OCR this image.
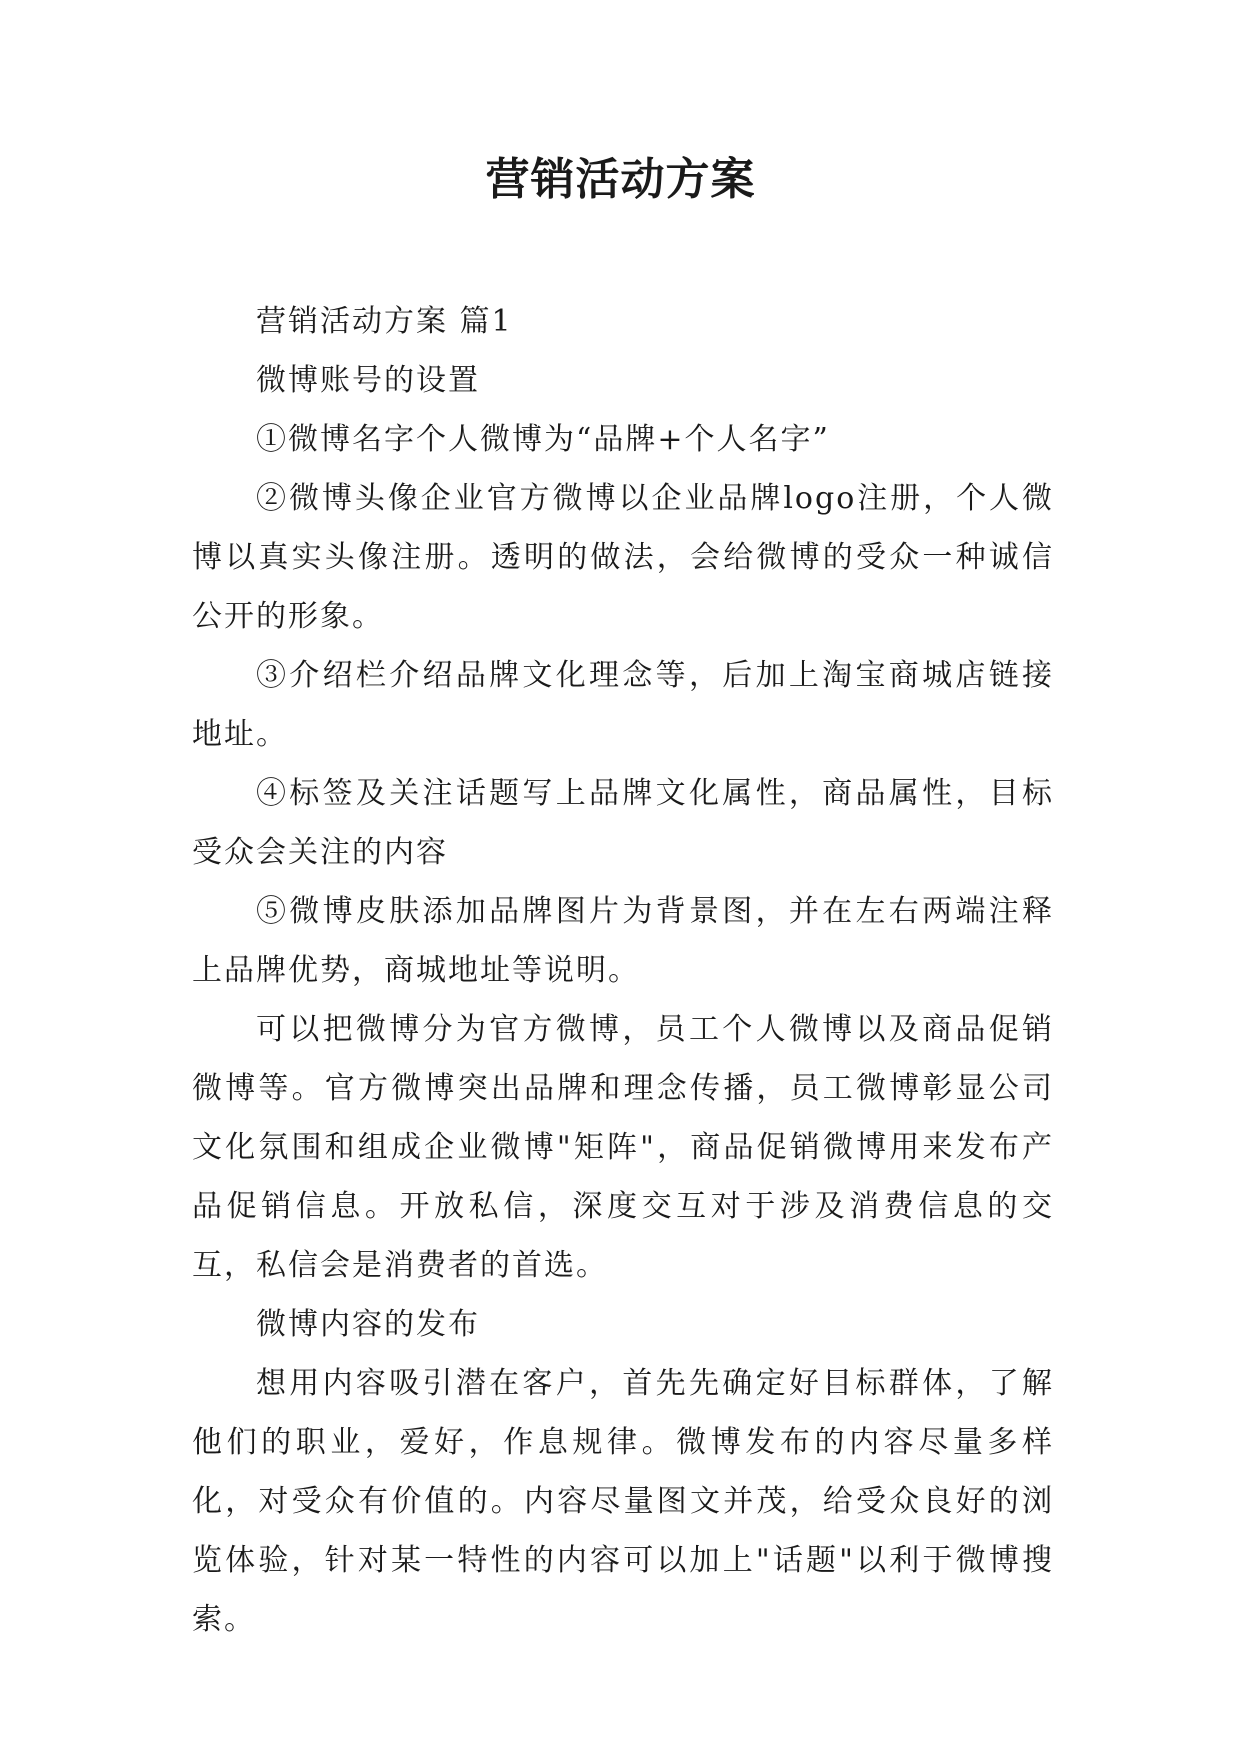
营销活动方案

营销活动方案 篇1

微博账号的设置

①微博名字个人微博为“品牌+个人名字”

②微博头像企业官方微博以企业品牌logo注册，个人微博以真实头像注册。透明的做法，会给微博的受众一种诚信公开的形象。

③介绍栏介绍品牌文化理念等，后加上淘宝商城店链接地址。

④标签及关注话题写上品牌文化属性，商品属性，目标受众会关注的内容

⑤微博皮肤添加品牌图片为背景图，并在左右两端注释上品牌优势，商城地址等说明。

可以把微博分为官方微博，员工个人微博以及商品促销微博等。官方微博突出品牌和理念传播，员工微博彰显公司文化氛围和组成企业微博"矩阵"，商品促销微博用来发布产品促销信息。开放私信，深度交互对于涉及消费信息的交互，私信会是消费者的首选。

微博内容的发布

想用内容吸引潜在客户，首先先确定好目标群体，了解他们的职业，爱好，作息规律。微博发布的内容尽量多样化，对受众有价值的。内容尽量图文并茂，给受众良好的浏览体验，针对某一特性的内容可以加上"话题"以利于微博搜索。
